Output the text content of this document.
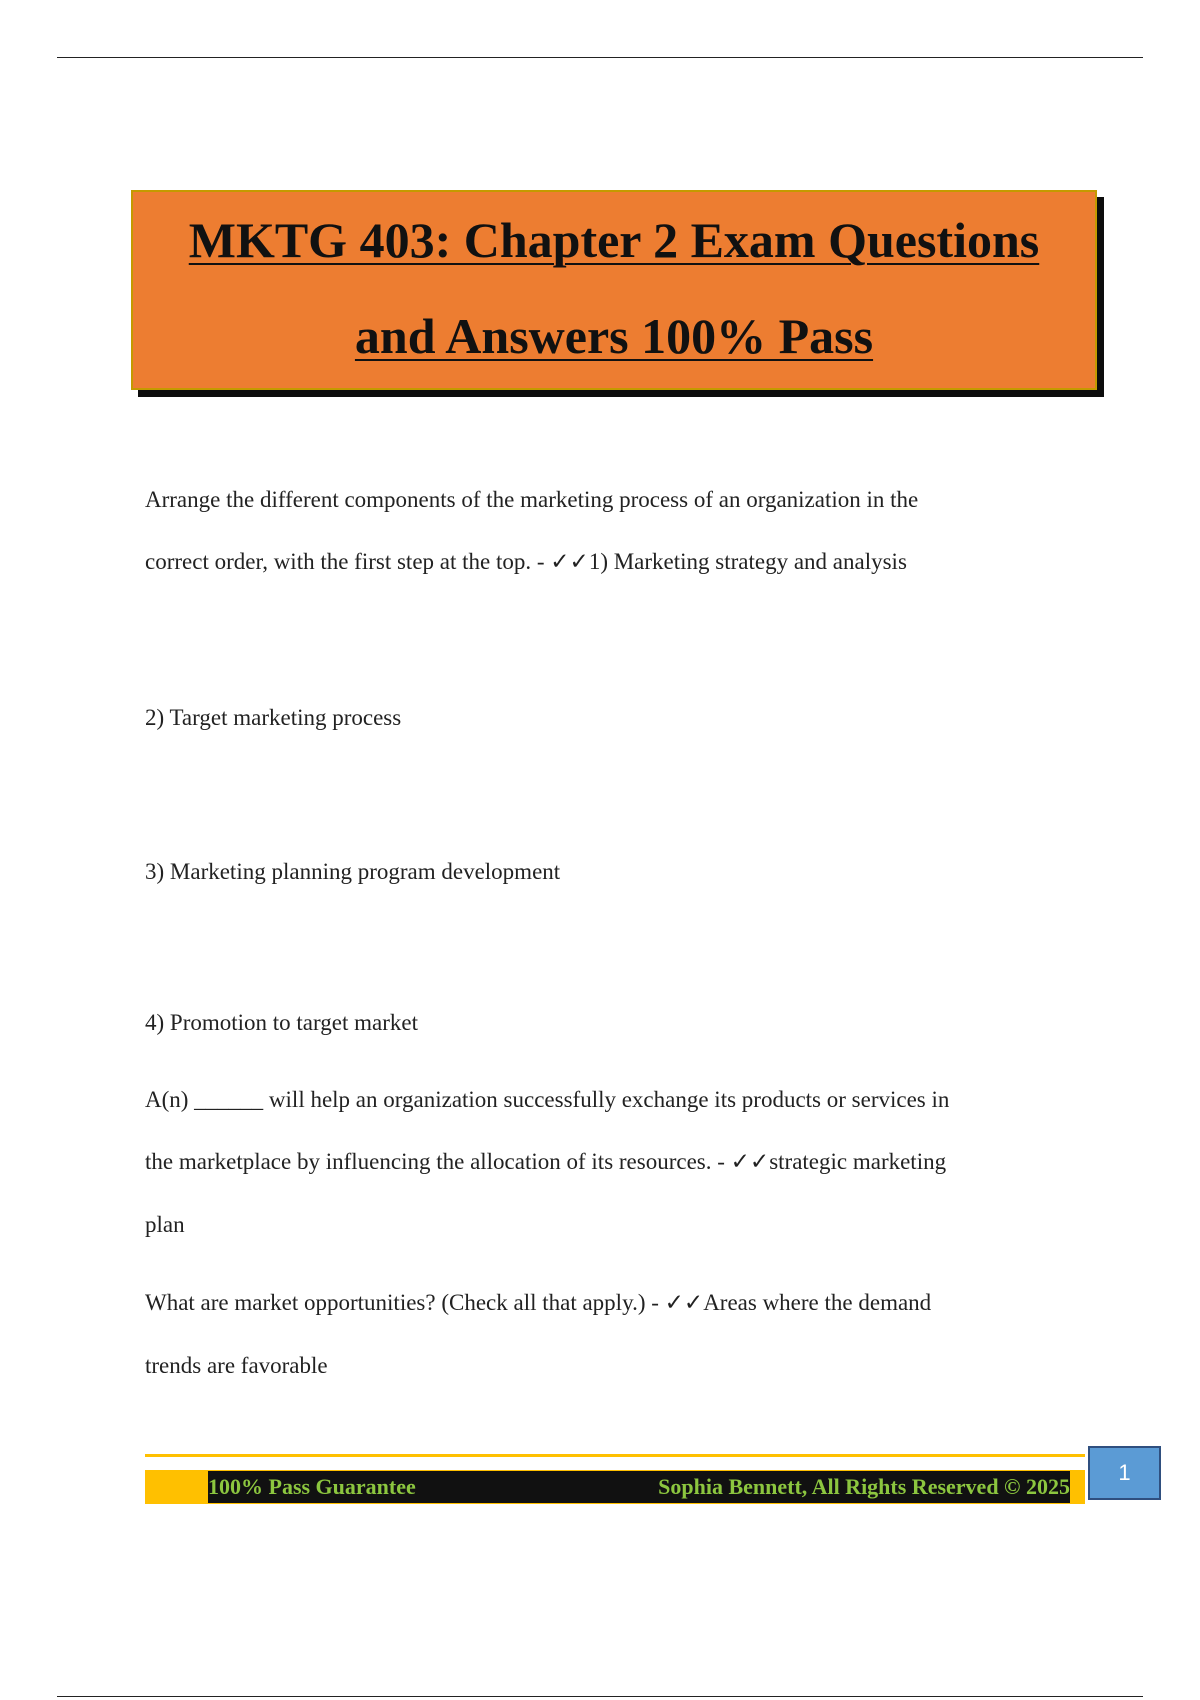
MKTG 403: Chapter 2 Exam Questions
and Answers 100% Pass

Arrange the different components of the marketing process of an organization in the

correct order, with the first step at the top. - ✓✓1) Marketing strategy and analysis

2) Target marketing process

3) Marketing planning program development

4) Promotion to target market

A(n) ______ will help an organization successfully exchange its products or services in

the marketplace by influencing the allocation of its resources. - ✓✓strategic marketing

plan

What are market opportunities? (Check all that apply.) - ✓✓Areas where the demand

trends are favorable

100% Pass Guarantee	Sophia Bennett, All Rights Reserved © 2025
1
